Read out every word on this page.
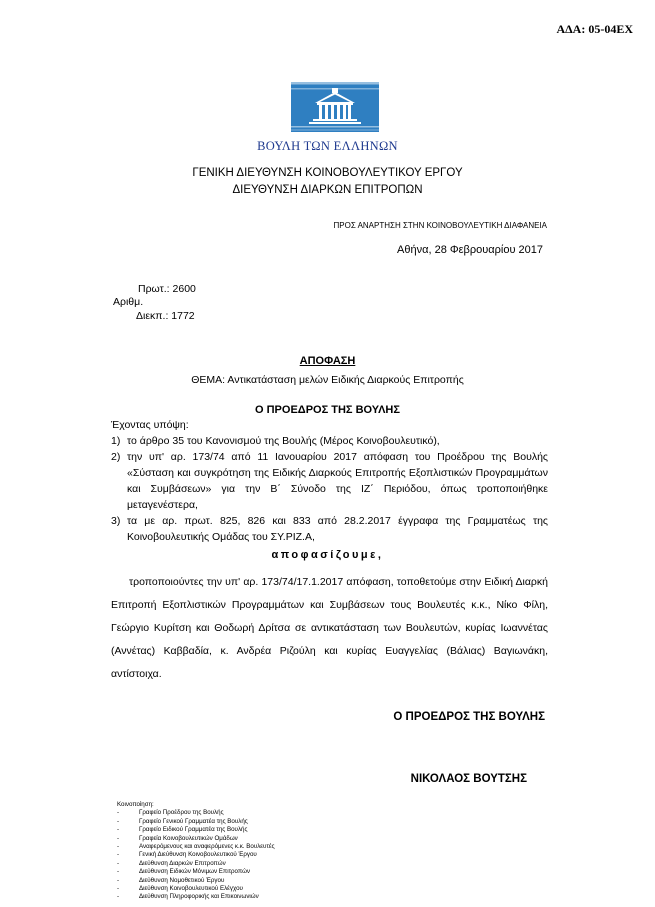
ΑΔΑ: 05-04ΕΧ
ΒΟΥΛΗ ΤΩΝ ΕΛΛΗΝΩΝ
ΓΕΝΙΚΗ ΔΙΕΥΘΥΝΣΗ ΚΟΙΝΟΒΟΥΛΕΥΤΙΚΟΥ ΕΡΓΟΥ
ΔΙΕΥΘΥΝΣΗ ΔΙΑΡΚΩΝ ΕΠΙΤΡΟΠΩΝ
ΠΡΟΣ ΑΝΑΡΤΗΣΗ ΣΤΗΝ ΚΟΙΝΟΒΟΥΛΕΥΤΙΚΗ ΔΙΑΦΑΝΕΙΑ
Αθήνα, 28 Φεβρουαρίου 2017
Πρωτ.: 2600
Αριθμ.
Διεκπ.: 1772
ΑΠΟΦΑΣΗ
ΘΕΜΑ: Αντικατάσταση μελών Ειδικής Διαρκούς Επιτροπής
Ο ΠΡΟΕΔΡΟΣ ΤΗΣ ΒΟΥΛΗΣ
Έχοντας υπόψη:
1) το άρθρο 35 του Κανονισμού της Βουλής (Μέρος Κοινοβουλευτικό),
2) την υπ' αρ. 173/74 από 11 Ιανουαρίου 2017 απόφαση του Προέδρου της Βουλής «Σύσταση και συγκρότηση της Ειδικής Διαρκούς Επιτροπής Εξοπλιστικών Προγραμμάτων και Συμβάσεων» για την Β΄ Σύνοδο της ΙΖ΄ Περιόδου, όπως τροποποιήθηκε μεταγενέστερα,
3) τα με αρ. πρωτ. 825, 826 και 833 από 28.2.2017 έγγραφα της Γραμματέως της Κοινοβουλευτικής Ομάδας του ΣΥ.ΡΙΖ.Α,
αποφασίζουμε,
τροποποιούντες την υπ' αρ. 173/74/17.1.2017 απόφαση, τοποθετούμε στην Ειδική Διαρκή Επιτροπή Εξοπλιστικών Προγραμμάτων και Συμβάσεων τους Βουλευτές κ.κ., Νίκο Φίλη, Γεώργιο Κυρίτση και Θοδωρή Δρίτσα σε αντικατάσταση των Βουλευτών, κυρίας Ιωαννέτας (Αννέτας) Καββαδία, κ. Ανδρέα Ριζούλη και κυρίας Ευαγγελίας (Βάλιας) Βαγιωνάκη, αντίστοιχα.
Ο ΠΡΟΕΔΡΟΣ ΤΗΣ ΒΟΥΛΗΣ
ΝΙΚΟΛΑΟΣ ΒΟΥΤΣΗΣ
Κοινοποίηση:
-	Γραφείο Προέδρου της Βουλής
-	Γραφείο Γενικού Γραμματέα της Βουλής
-	Γραφείο Ειδικού Γραμματέα της Βουλής
-	Γραφεία Κοινοβουλευτικών Ομάδων
-	Αναφερόμενους και αναφερόμενες κ.κ. Βουλευτές
-	Γενική Διεύθυνση Κοινοβουλευτικού Έργου
-	Διεύθυνση Διαρκών Επιτροπών
-	Διεύθυνση Ειδικών Μόνιμων Επιτροπών
-	Διεύθυνση Νομοθετικού Έργου
-	Διεύθυνση Κοινοβουλευτικού Ελέγχου
-	Διεύθυνση Πληροφορικής και Επικοινωνιών
